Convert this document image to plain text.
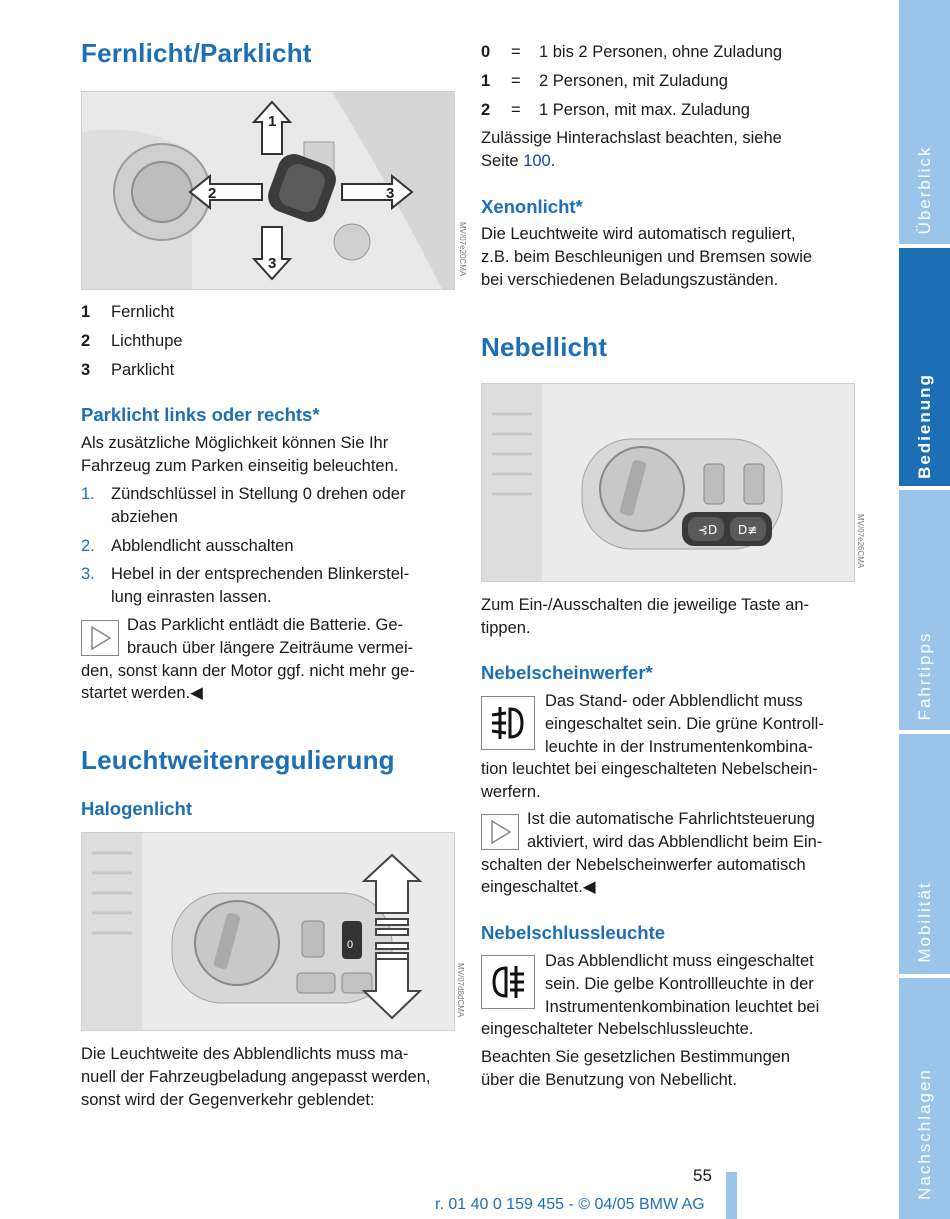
Fernlicht/Parklicht
1
2	3
3	MV/07e20CMA
1 Fernlicht
2 Lichthupe
3 Parklicht
Parklicht links oder rechts*
Als zusätzliche Möglichkeit können Sie Ihr
Fahrzeug zum Parken einseitig beleuchten.
1. Zündschlüssel in Stellung 0 drehen oder
abziehen
2. Abblendlicht ausschalten
3. Hebel in der entsprechenden Blinkerstel-
lung einrasten lassen.
Das Parklicht entlädt die Batterie. Ge-
brauch über längere Zeiträume vermei-
den, sonst kann der Motor ggf. nicht mehr ge-
startet werden.◀
Leuchtweitenregulierung
Halogenlicht
0
MV/07d8dCMA
Die Leuchtweite des Abblendlichts muss ma-
nuell der Fahrzeugbeladung angepasst werden,
sonst wird der Gegenverkehr geblendet:
0 = 1 bis 2 Personen, ohne Zuladung
1 = 2 Personen, mit Zuladung
2 = 1 Person, mit max. Zuladung
Zulässige Hinterachslast beachten, siehe
Seite 100.
Xenonlicht*
Die Leuchtweite wird automatisch reguliert,
z.B. beim Beschleunigen und Bremsen sowie
bei verschiedenen Beladungszuständen.
Nebellicht
⊰D D≢	MV/07e26CMA
Zum Ein-/Ausschalten die jeweilige Taste an-
tippen.
Nebelscheinwerfer*
Das Stand- oder Abblendlicht muss
eingeschaltet sein. Die grüne Kontroll-
leuchte in der Instrumentenkombina-
tion leuchtet bei eingeschalteten Nebelschein-
werfern.
Ist die automatische Fahrlichtsteuerung
aktiviert, wird das Abblendlicht beim Ein-
schalten der Nebelscheinwerfer automatisch
eingeschaltet.◀
Nebelschlussleuchte
Das Abblendlicht muss eingeschaltet
sein. Die gelbe Kontrollleuchte in der
Instrumentenkombination leuchtet bei
eingeschalteter Nebelschlussleuchte.
Beachten Sie gesetzlichen Bestimmungen
über die Benutzung von Nebellicht.
55
r. 01 40 0 159 455 - © 04/05 BMW AG
Überblick
Bedienung
Fahrtipps
Mobilität
Nachschlagen
